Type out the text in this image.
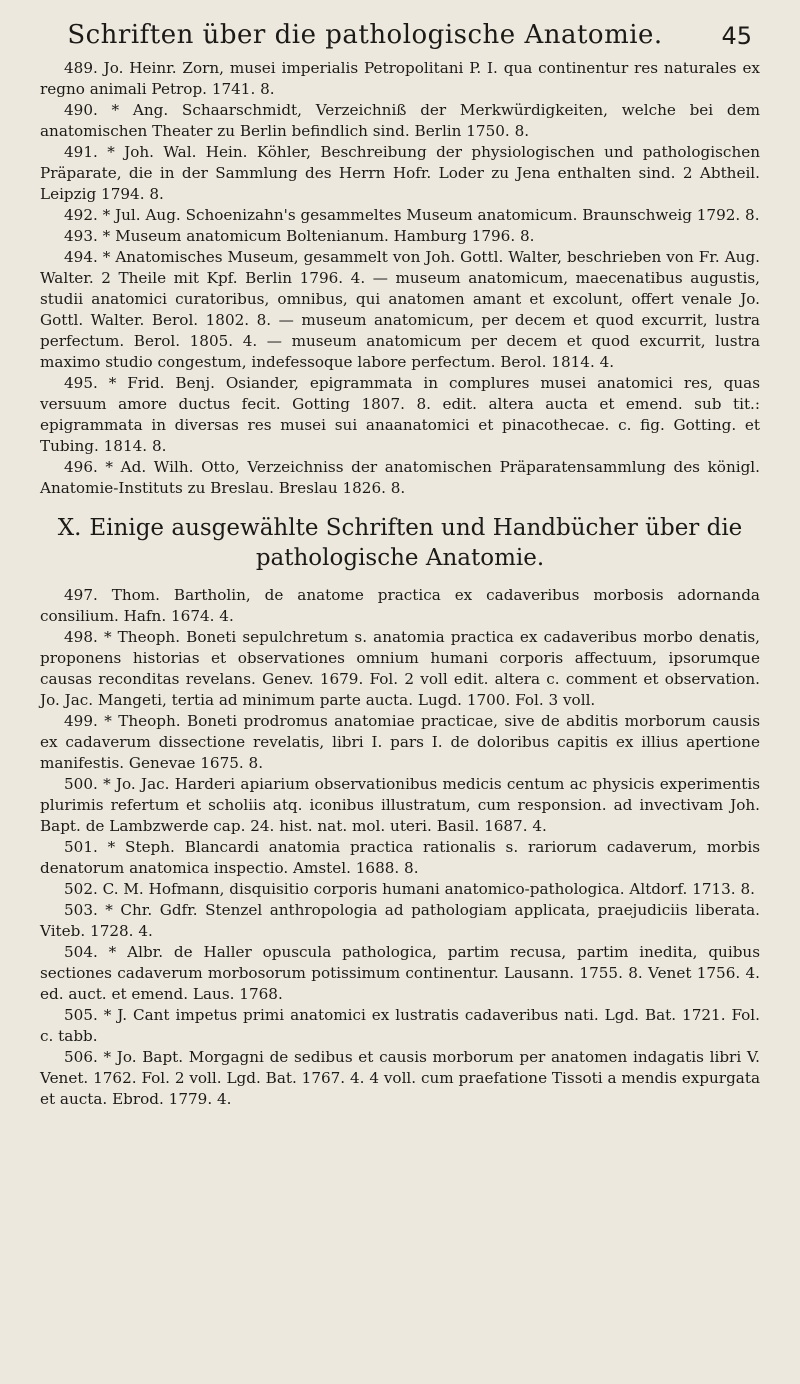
Schriften über die pathologische Anatomie.	45

489. Jo. Heinr. Zorn, musei imperialis Petropolitani P. I. qua continentur res naturales ex regno animali Petrop. 1741. 8.

490. * Ang. Schaarschmidt, Verzeichniß der Merkwürdigkeiten, welche bei dem anatomischen Theater zu Berlin befindlich sind. Berlin 1750. 8.

491. * Joh. Wal. Hein. Köhler, Beschreibung der physiologischen und pathologischen Präparate, die in der Sammlung des Herrn Hofr. Loder zu Jena enthalten sind. 2 Abtheil. Leipzig 1794. 8.

492. * Jul. Aug. Schoenizahn's gesammeltes Museum anatomicum. Braunschweig 1792. 8.

493. * Museum anatomicum Boltenianum. Hamburg 1796. 8.

494. * Anatomisches Museum, gesammelt von Joh. Gottl. Walter, beschrieben von Fr. Aug. Walter. 2 Theile mit Kpf. Berlin 1796. 4. — museum anatomicum, maecenatibus augustis, studii anatomici curatoribus, omnibus, qui anatomen amant et excolunt, offert venale Jo. Gottl. Walter. Berol. 1802. 8. — museum anatomicum, per decem et quod excurrit, lustra perfectum. Berol. 1805. 4. — museum anatomicum per decem et quod excurrit, lustra maximo studio congestum, indefessoque labore perfectum. Berol. 1814. 4.

495. * Frid. Benj. Osiander, epigrammata in complures musei anatomici res, quas versuum amore ductus fecit. Gotting 1807. 8. edit. altera aucta et emend. sub tit.: epigrammata in diversas res musei sui anaanatomici et pinacothecae. c. fig. Gotting. et Tubing. 1814. 8.

496. * Ad. Wilh. Otto, Verzeichniss der anatomischen Präparatensammlung des königl. Anatomie-Instituts zu Breslau. Breslau 1826. 8.

X. Einige ausgewählte Schriften und Handbücher über die
pathologische Anatomie.

497. Thom. Bartholin, de anatome practica ex cadaveribus morbosis adornanda consilium. Hafn. 1674. 4.

498. * Theoph. Boneti sepulchretum s. anatomia practica ex cadaveribus morbo denatis, proponens historias et observationes omnium humani corporis affectuum, ipsorumque causas reconditas revelans. Genev. 1679. Fol. 2 voll edit. altera c. comment et observation. Jo. Jac. Mangeti, tertia ad minimum parte aucta. Lugd. 1700. Fol. 3 voll.

499. * Theoph. Boneti prodromus anatomiae practicae, sive de abditis morborum causis ex cadaverum dissectione revelatis, libri I. pars I. de doloribus capitis ex illius apertione manifestis. Genevae 1675. 8.

500. * Jo. Jac. Harderi apiarium observationibus medicis centum ac physicis experimentis plurimis refertum et scholiis atq. iconibus illustratum, cum responsion. ad invectivam Joh. Bapt. de Lambzwerde cap. 24. hist. nat. mol. uteri. Basil. 1687. 4.

501. * Steph. Blancardi anatomia practica rationalis s. rariorum cadaverum, morbis denatorum anatomica inspectio. Amstel. 1688. 8.

502. C. M. Hofmann, disquisitio corporis humani anatomico-pathologica. Altdorf. 1713. 8.

503. * Chr. Gdfr. Stenzel anthropologia ad pathologiam applicata, praejudiciis liberata. Viteb. 1728. 4.

504. * Albr. de Haller opuscula pathologica, partim recusa, partim inedita, quibus sectiones cadaverum morbosorum potissimum continentur. Lausann. 1755. 8. Venet 1756. 4. ed. auct. et emend. Laus. 1768.

505. * J. Cant impetus primi anatomici ex lustratis cadaveribus nati. Lgd. Bat. 1721. Fol. c. tabb.

506. * Jo. Bapt. Morgagni de sedibus et causis morborum per anatomen indagatis libri V. Venet. 1762. Fol. 2 voll. Lgd. Bat. 1767. 4. 4 voll. cum praefatione Tissoti a mendis expurgata et aucta. Ebrod. 1779. 4.
